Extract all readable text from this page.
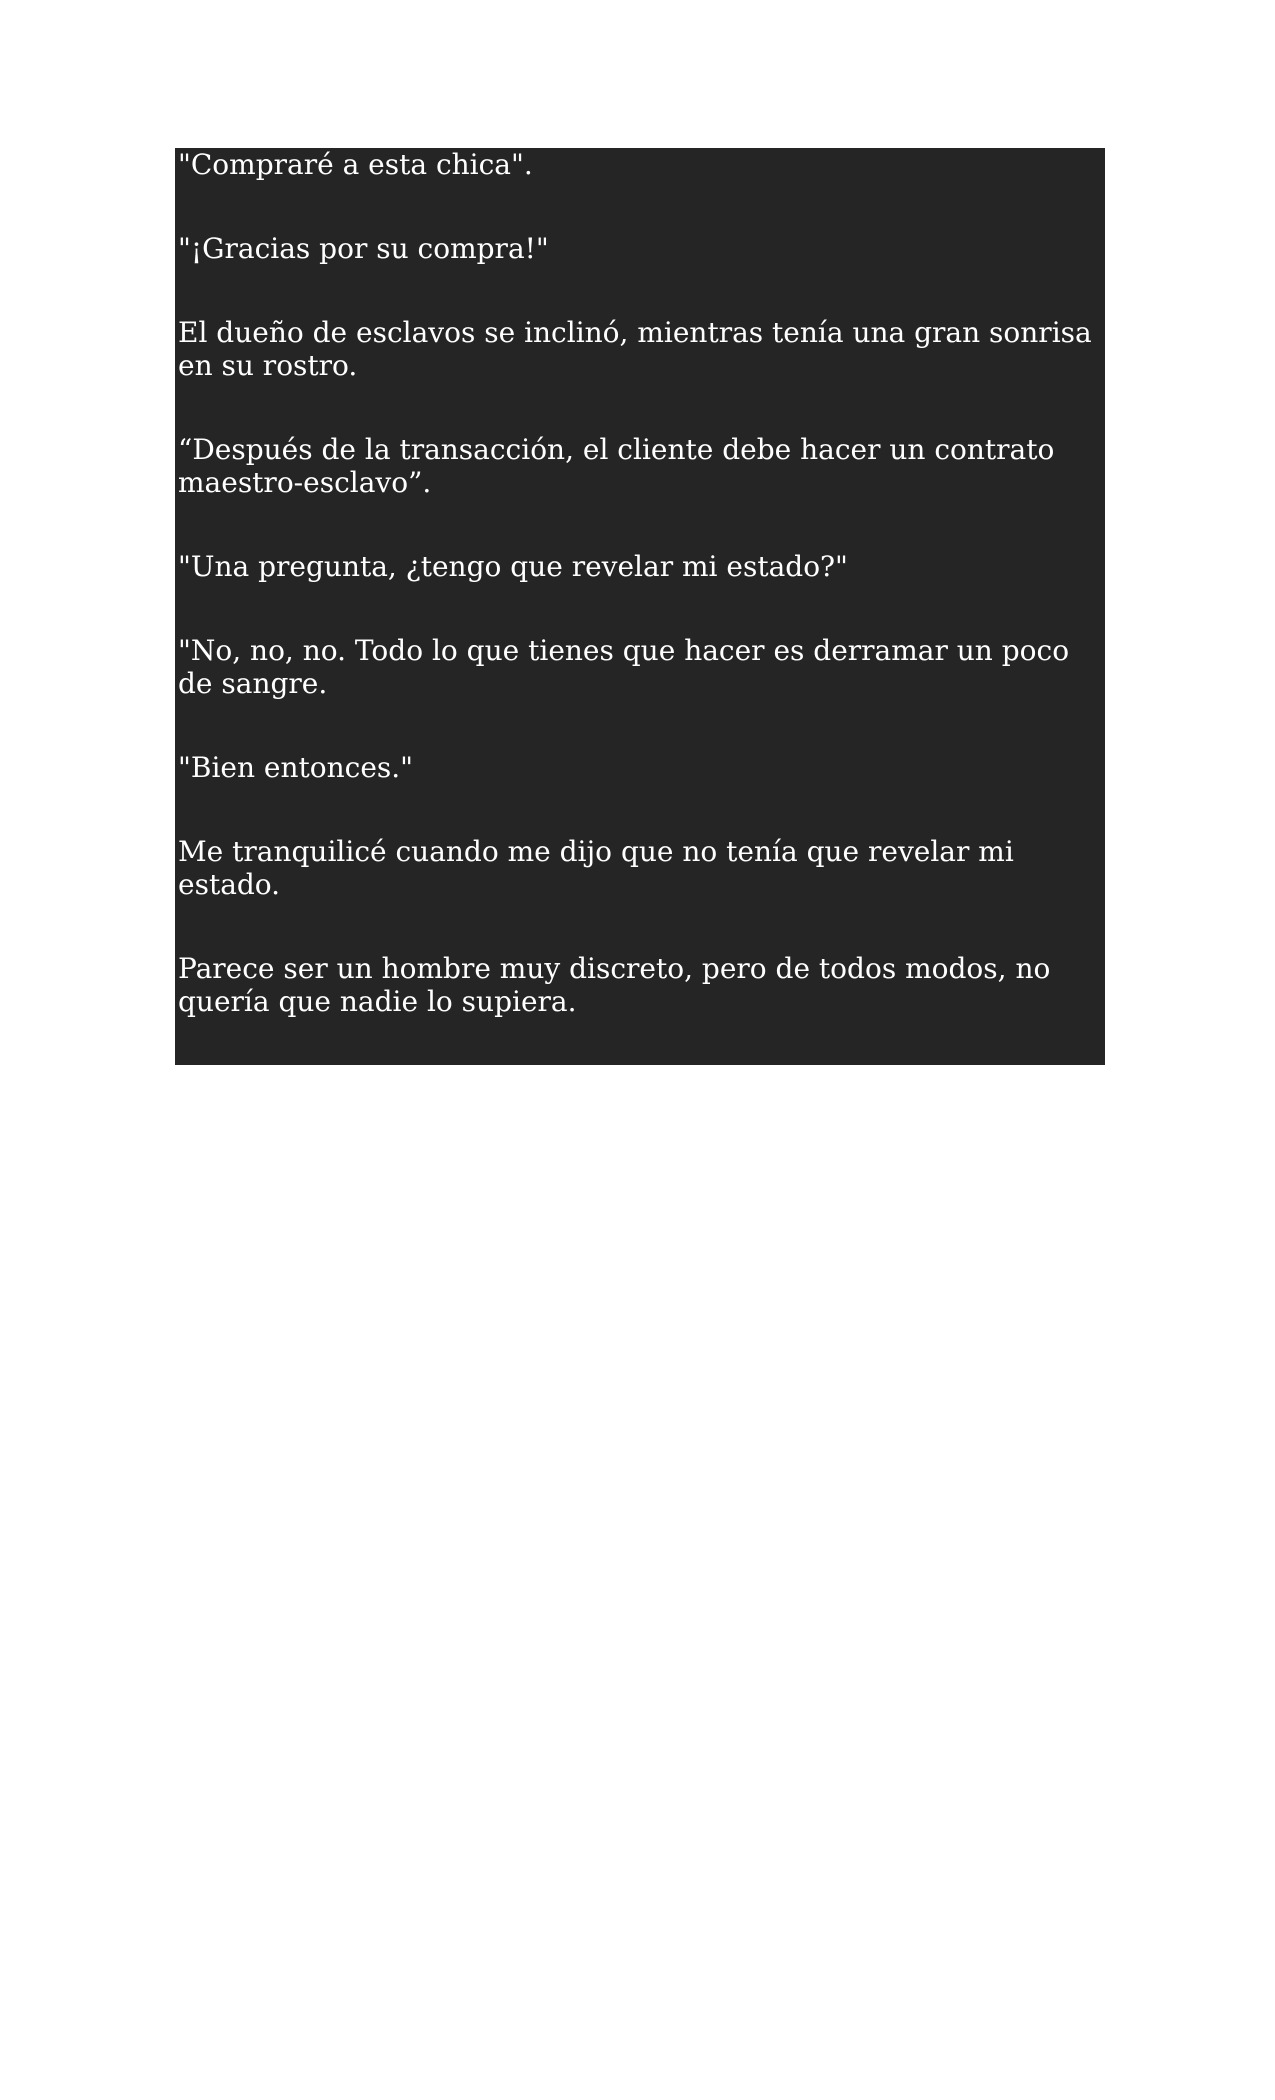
"Compraré a esta chica".

"¡Gracias por su compra!"

El dueño de esclavos se inclinó, mientras tenía una gran sonrisa en su rostro.

“Después de la transacción, el cliente debe hacer un contrato maestro-esclavo”.

"Una pregunta, ¿tengo que revelar mi estado?"

"No, no, no. Todo lo que tienes que hacer es derramar un poco de sangre.

"Bien entonces."

Me tranquilicé cuando me dijo que no tenía que revelar mi estado.

Parece ser un hombre muy discreto, pero de todos modos, no quería que nadie lo supiera.

Kaede me miraba con ojos ansiosos.
